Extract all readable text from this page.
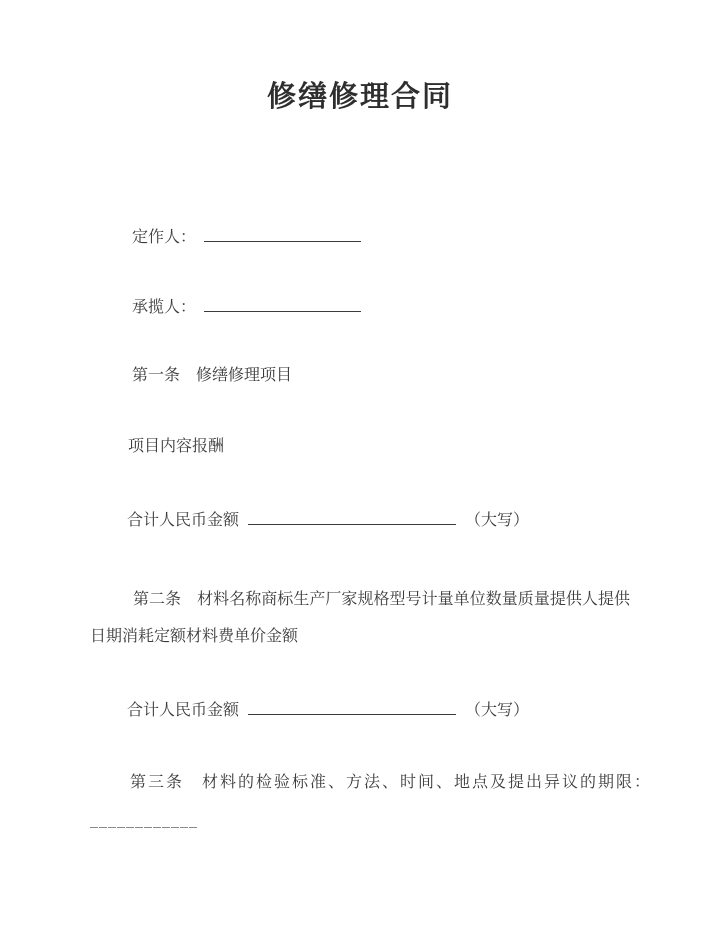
修缮修理合同

定作人：

承揽人：

第一条　修缮修理项目

项目内容报酬

合计人民币金额	（大写）

第二条　材料名称商标生产厂家规格型号计量单位数量质量提供人提供日期消耗定额材料费单价金额

合计人民币金额	（大写）

第三条　材料的检验标准、方法、时间、地点及提出异议的期限：____________
